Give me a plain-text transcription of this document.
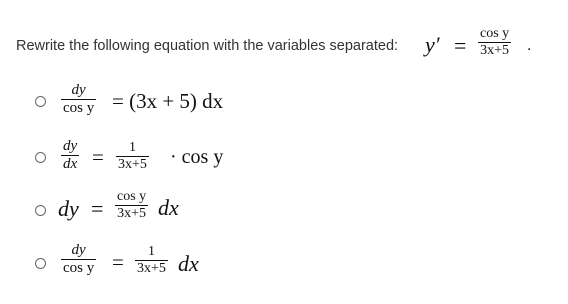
Rewrite the following equation with the variables separated: $y' = \frac{\text{cos y}}{3x+5}$ .
$\frac{dy}{\text{cos y}} = (3x + 5)$ dx
$\frac{dy}{dx} = \frac{1}{3x+5} \cdot \cos y$
dy = $\frac{\text{cos y}}{3x+5}$ dx
$\frac{dy}{\text{cos y}} = \frac{1}{3x+5}$ dx
